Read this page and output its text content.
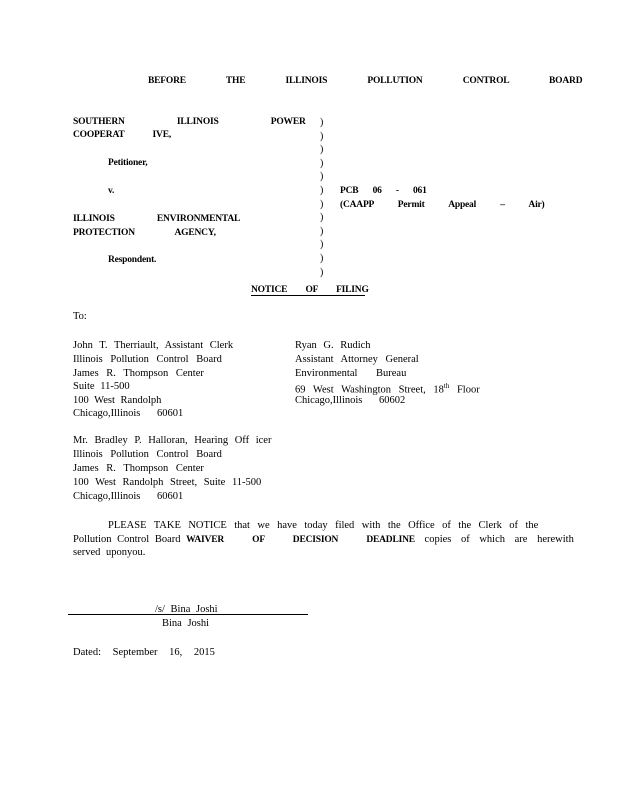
BEFORE THE ILLINOIS POLLUTION CONTROL BOARD
SOUTHERN ILLINOIS POWER
COOPERAT IVE,
Petitioner,
v.
ILLINOIS ENVIRONMENTAL
PROTECTION AGENCY,
Respondent.
)
)
)
)
)
)
)
)
)
)
)
)
PCB 06 - 061
(CAAPP Permit Appeal – Air)
NOTICE OF FILING
To:
John T. Therriault, Assistant Clerk
Illinois Pollution Control Board
James R. Thompson Center
Suite 11-500
100 West Randolph
Chicago,Illinois 60601
Ryan G. Rudich
Assistant Attorney General
Environmental Bureau
69 West Washington Street, 18th Floor
Chicago,Illinois 60602
Mr. Bradley P. Halloran, Hearing Off icer
Illinois Pollution Control Board
James R. Thompson Center
100 West Randolph Street, Suite 11-500
Chicago,Illinois 60601
PLEASE TAKE NOTICE that we have today filed with the Office of the Clerk of the
Pollution Control Board WAIVER OF DECISION DEADLINE copies of which are herewith
served uponyou.
/s/ Bina Joshi
Bina Joshi
Dated: September 16, 2015
